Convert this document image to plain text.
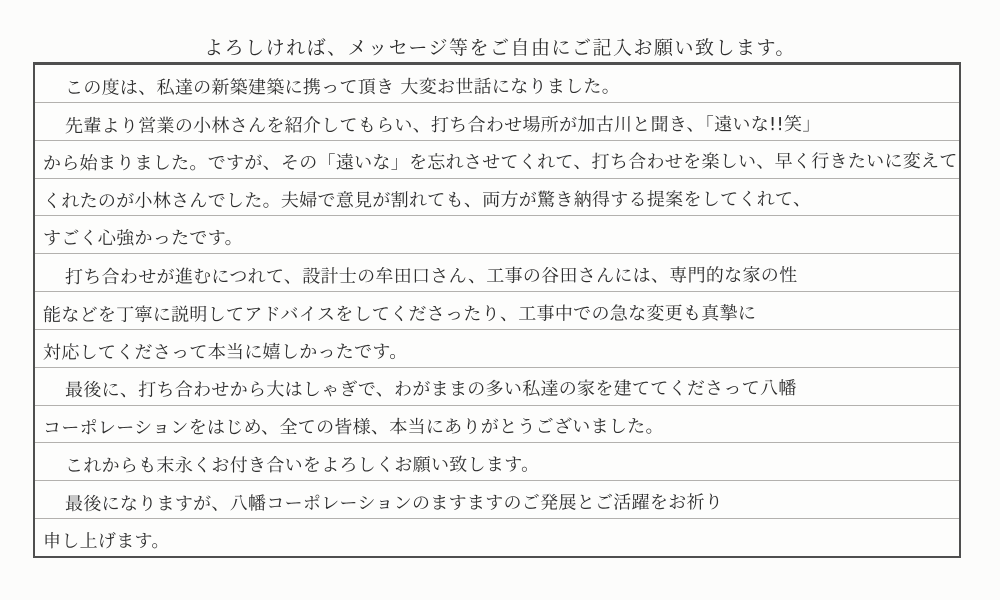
よろしければ、メッセージ等をご自由にご記入お願い致します。
この度は、私達の新築建築に携って頂き 大変お世話になりました。
先輩より営業の小林さんを紹介してもらい、打ち合わせ場所が加古川と聞き、「遠いな!!笑」
から始まりました。ですが、その「遠いな」を忘れさせてくれて、打ち合わせを楽しい、早く行きたいに変えて
くれたのが小林さんでした。夫婦で意見が割れても、両方が驚き納得する提案をしてくれて、
すごく心強かったです。
打ち合わせが進むにつれて、設計士の牟田口さん、工事の谷田さんには、専門的な家の性
能などを丁寧に説明してアドバイスをしてくださったり、工事中での急な変更も真摯に
対応してくださって本当に嬉しかったです。
最後に、打ち合わせから大はしゃぎで、わがままの多い私達の家を建ててくださって八幡
コーポレーションをはじめ、全ての皆様、本当にありがとうございました。
これからも末永くお付き合いをよろしくお願い致します。
最後になりますが、八幡コーポレーションのますますのご発展とご活躍をお祈り
申し上げます。
